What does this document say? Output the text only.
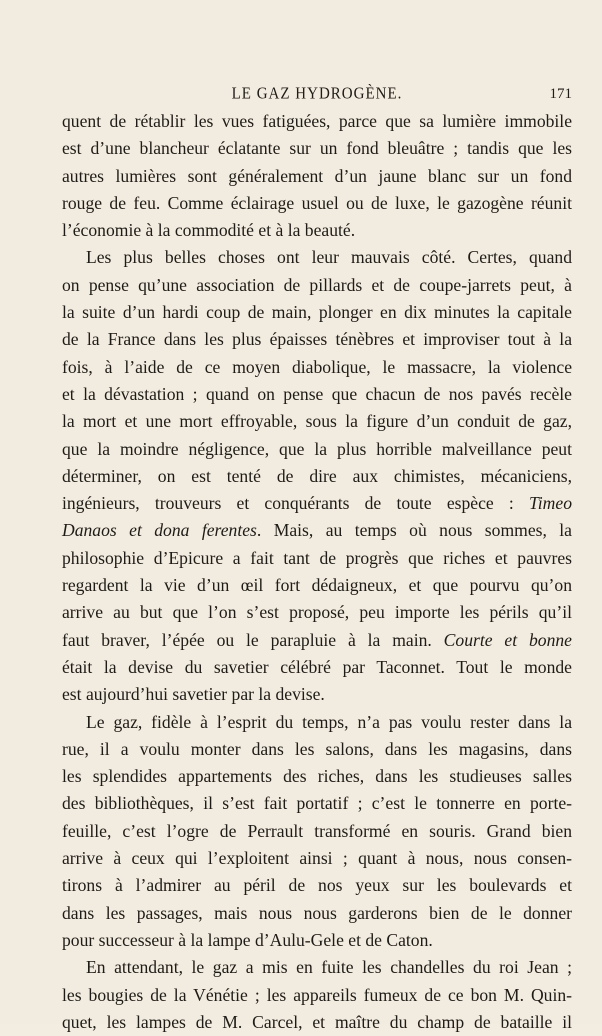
LE GAZ HYDROGÈNE.	171
quent de rétablir les vues fatiguées, parce que sa lumière immobile
est d’une blancheur éclatante sur un fond bleuâtre ; tandis que les
autres lumières sont généralement d’un jaune blanc sur un fond
rouge de feu. Comme éclairage usuel ou de luxe, le gazogène réunit
l’économie à la commodité et à la beauté.
Les plus belles choses ont leur mauvais côté. Certes, quand
on pense qu’une association de pillards et de coupe-jarrets peut, à
la suite d’un hardi coup de main, plonger en dix minutes la capitale
de la France dans les plus épaisses ténèbres et improviser tout à la
fois, à l’aide de ce moyen diabolique, le massacre, la violence
et la dévastation ; quand on pense que chacun de nos pavés recèle
la mort et une mort effroyable, sous la figure d’un conduit de gaz,
que la moindre négligence, que la plus horrible malveillance peut
déterminer, on est tenté de dire aux chimistes, mécaniciens,
ingénieurs, trouveurs et conquérants de toute espèce : Timeo
Danaos et dona ferentes. Mais, au temps où nous sommes, la
philosophie d’Epicure a fait tant de progrès que riches et pauvres
regardent la vie d’un œil fort dédaigneux, et que pourvu qu’on
arrive au but que l’on s’est proposé, peu importe les périls qu’il
faut braver, l’épée ou le parapluie à la main. Courte et bonne
était la devise du savetier célébré par Taconnet. Tout le monde
est aujourd’hui savetier par la devise.
Le gaz, fidèle à l’esprit du temps, n’a pas voulu rester dans la
rue, il a voulu monter dans les salons, dans les magasins, dans
les splendides appartements des riches, dans les studieuses salles
des bibliothèques, il s’est fait portatif ; c’est le tonnerre en porte-
feuille, c’est l’ogre de Perrault transformé en souris. Grand bien
arrive à ceux qui l’exploitent ainsi ; quant à nous, nous consen-
tirons à l’admirer au péril de nos yeux sur les boulevards et
dans les passages, mais nous nous garderons bien de le donner
pour successeur à la lampe d’Aulu-Gele et de Caton.
En attendant, le gaz a mis en fuite les chandelles du roi Jean ;
les bougies de la Vénétie ; les appareils fumeux de ce bon M. Quin-
quet, les lampes de M. Carcel, et maître du champ de bataille il
